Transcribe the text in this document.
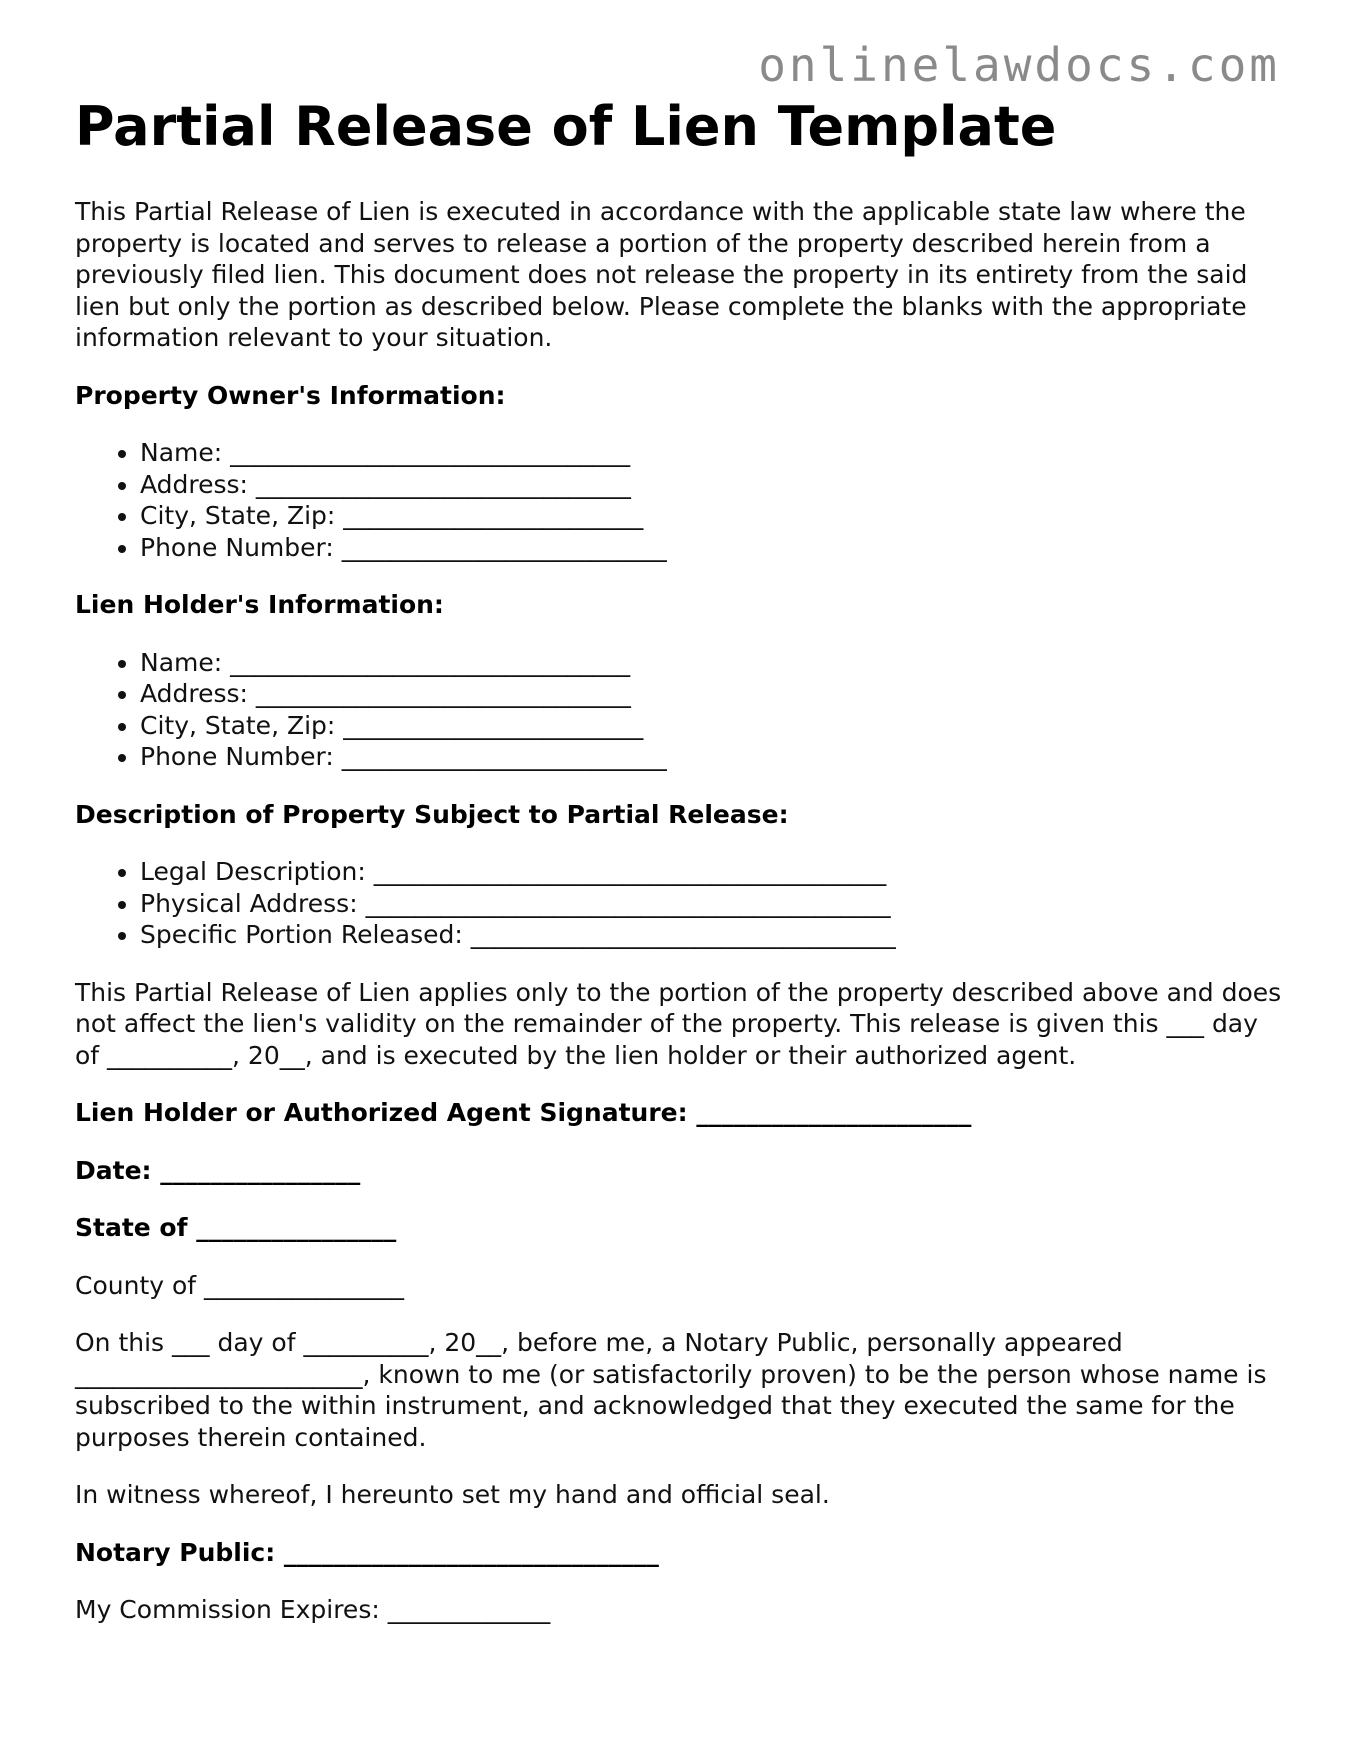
onlinelawdocs.com
Partial Release of Lien Template

This Partial Release of Lien is executed in accordance with the applicable state law where the property is located and serves to release a portion of the property described herein from a previously filed lien. This document does not release the property in its entirety from the said lien but only the portion as described below. Please complete the blanks with the appropriate information relevant to your situation.

Property Owner's Information:
• Name: ________________________________
• Address: ______________________________
• City, State, Zip: ________________________
• Phone Number: __________________________
Lien Holder's Information:
• Name: ________________________________
• Address: ______________________________
• City, State, Zip: ________________________
• Phone Number: __________________________
Description of Property Subject to Partial Release:
• Legal Description: _________________________________________
• Physical Address: __________________________________________
• Specific Portion Released: __________________________________

This Partial Release of Lien applies only to the portion of the property described above and does not affect the lien's validity on the remainder of the property. This release is given this ___ day of __________, 20__, and is executed by the lien holder or their authorized agent.

Lien Holder or Authorized Agent Signature: ______________________
Date: ________________
State of ________________
County of ________________

On this ___ day of __________, 20__, before me, a Notary Public, personally appeared _______________________, known to me (or satisfactorily proven) to be the person whose name is subscribed to the within instrument, and acknowledged that they executed the same for the purposes therein contained.

In witness whereof, I hereunto set my hand and official seal.
Notary Public: ______________________________
My Commission Expires: _____________
